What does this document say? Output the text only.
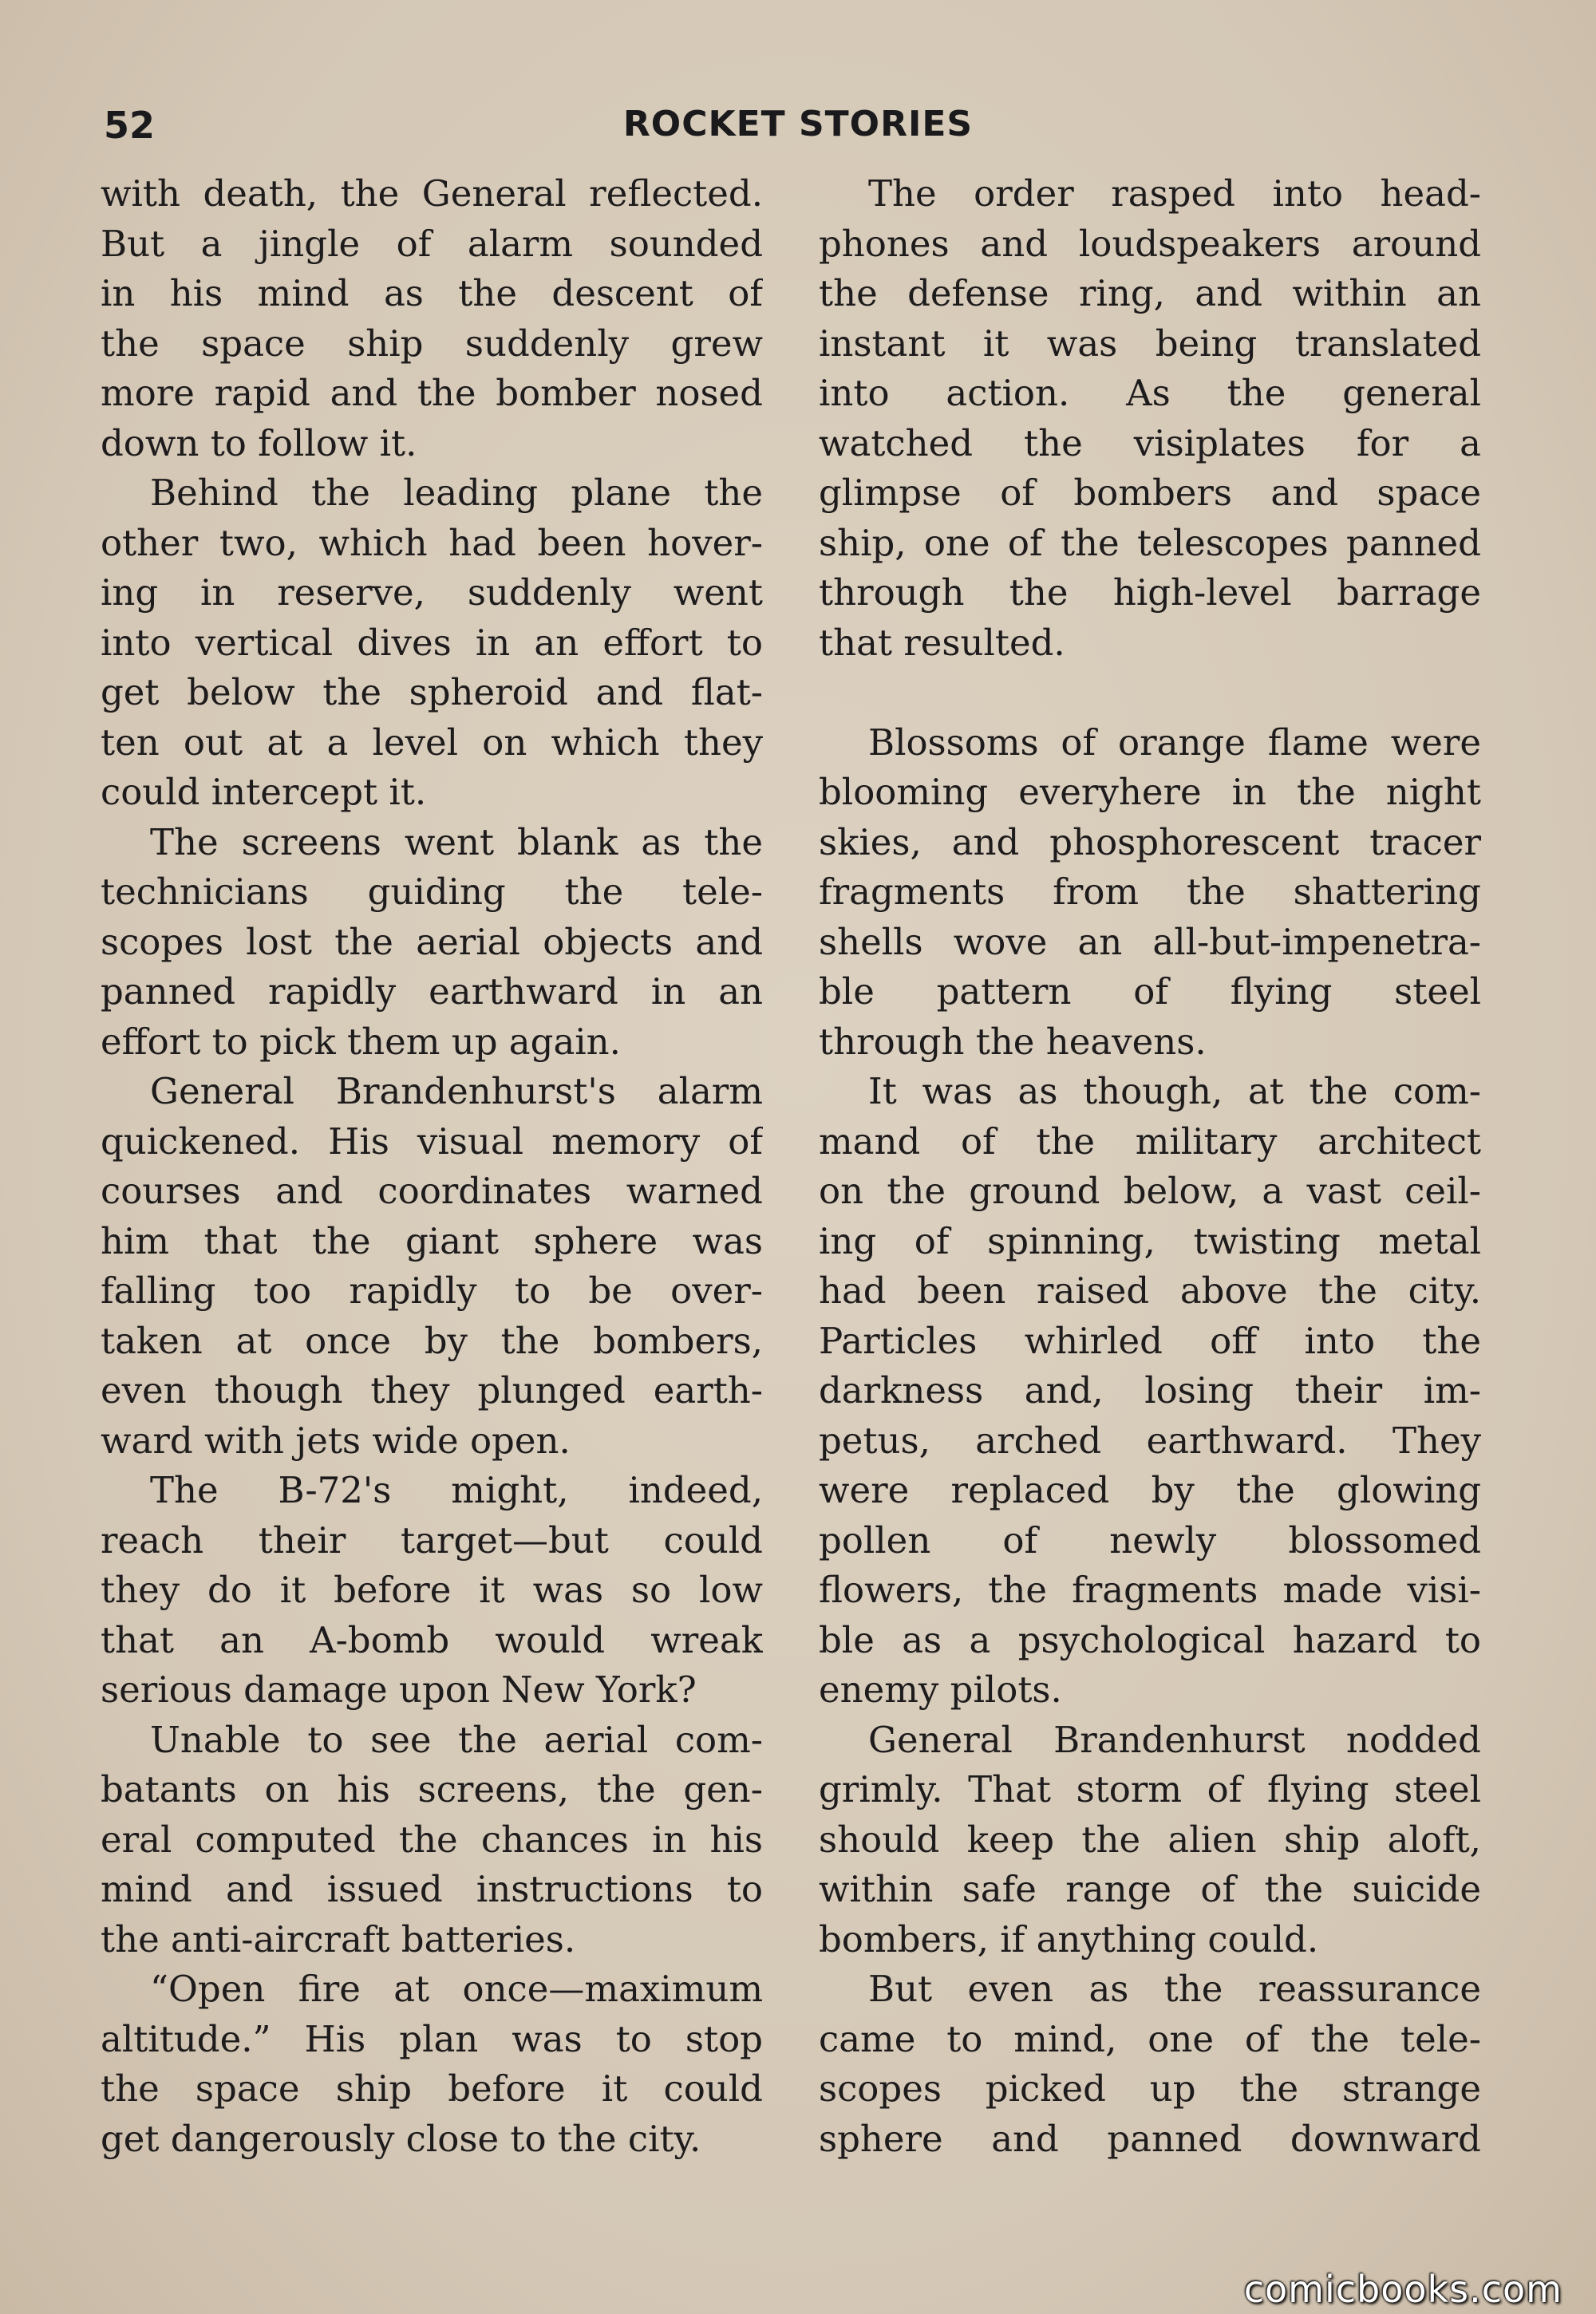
52	ROCKET STORIES
with death, the General reflected.
But a jingle of alarm sounded
in his mind as the descent of
the space ship suddenly grew
more rapid and the bomber nosed
down to follow it.
Behind the leading plane the
other two, which had been hover-
ing in reserve, suddenly went
into vertical dives in an effort to
get below the spheroid and flat-
ten out at a level on which they
could intercept it.
The screens went blank as the
technicians guiding the tele-
scopes lost the aerial objects and
panned rapidly earthward in an
effort to pick them up again.
General Brandenhurst's alarm
quickened. His visual memory of
courses and coordinates warned
him that the giant sphere was
falling too rapidly to be over-
taken at once by the bombers,
even though they plunged earth-
ward with jets wide open.
The B-72's might, indeed,
reach their target—but could
they do it before it was so low
that an A-bomb would wreak
serious damage upon New York?
Unable to see the aerial com-
batants on his screens, the gen-
eral computed the chances in his
mind and issued instructions to
the anti-aircraft batteries.
“Open fire at once—maximum
altitude.” His plan was to stop
the space ship before it could
get dangerously close to the city.
The order rasped into head-
phones and loudspeakers around
the defense ring, and within an
instant it was being translated
into action. As the general
watched the visiplates for a
glimpse of bombers and space
ship, one of the telescopes panned
through the high-level barrage
that resulted.
Blossoms of orange flame were
blooming everyhere in the night
skies, and phosphorescent tracer
fragments from the shattering
shells wove an all-but-impenetra-
ble pattern of flying steel
through the heavens.
It was as though, at the com-
mand of the military architect
on the ground below, a vast ceil-
ing of spinning, twisting metal
had been raised above the city.
Particles whirled off into the
darkness and, losing their im-
petus, arched earthward. They
were replaced by the glowing
pollen of newly blossomed
flowers, the fragments made visi-
ble as a psychological hazard to
enemy pilots.
General Brandenhurst nodded
grimly. That storm of flying steel
should keep the alien ship aloft,
within safe range of the suicide
bombers, if anything could.
But even as the reassurance
came to mind, one of the tele-
scopes picked up the strange
sphere and panned downward
comicbooks.com
